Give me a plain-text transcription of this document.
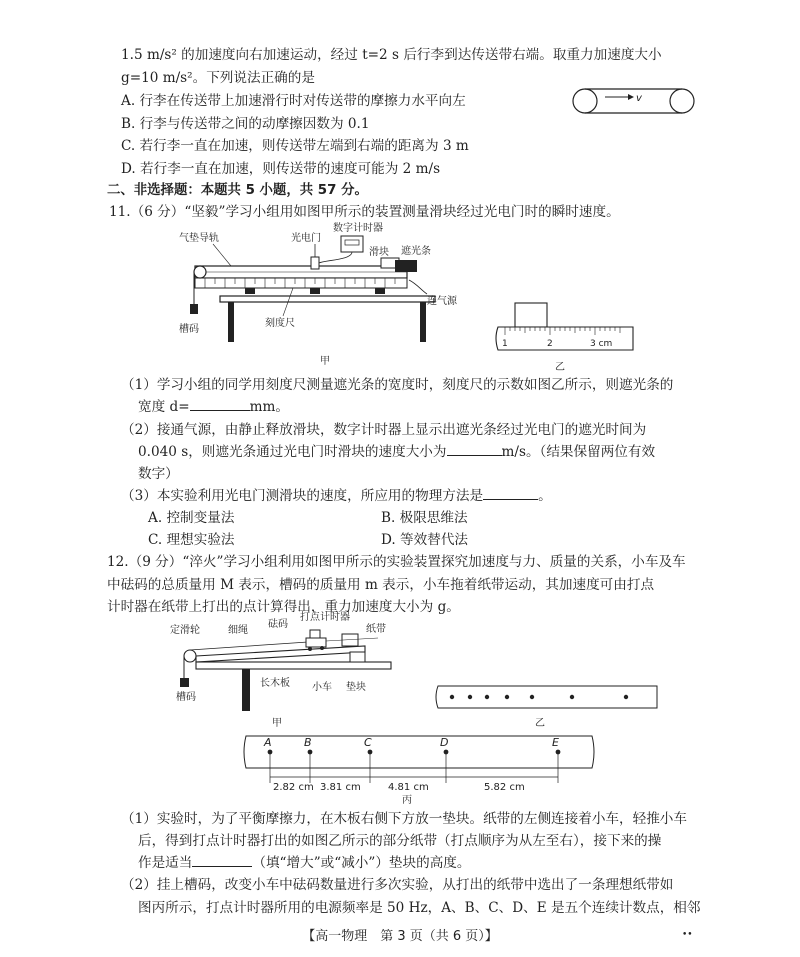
1.5 m/s² 的加速度向右加速运动，经过 t=2 s 后行李到达传送带右端。取重力加速度大小
g=10 m/s²。下列说法正确的是
A. 行李在传送带上加速滑行时对传送带的摩擦力水平向左
B. 行李与传送带之间的动摩擦因数为 0.1
C. 若行李一直在加速，则传送带左端到右端的距离为 3 m
D. 若行李一直在加速，则传送带的速度可能为 2 m/s
v
二、非选择题：本题共 5 小题，共 57 分。
11.（6 分）“坚毅”学习小组用如图甲所示的装置测量滑块经过光电门时的瞬时速度。
气垫导轨	光电门
数字计时器
滑块 遮光条
连气源
槽码
刻度尺
甲
1	2	3 cm
乙
（1）学习小组的同学用刻度尺测量遮光条的宽度时，刻度尺的示数如图乙所示，则遮光条的
宽度 d=	mm。
（2）接通气源，由静止释放滑块，数字计时器上显示出遮光条经过光电门的遮光时间为
0.040 s，则遮光条通过光电门时滑块的速度大小为	m/s。（结果保留两位有效
数字）
（3）本实验利用光电门测滑块的速度，所应用的物理方法是	。
A. 控制变量法	B. 极限思维法
C. 理想实验法	D. 等效替代法
12.（9 分）“淬火”学习小组利用如图甲所示的实验装置探究加速度与力、质量的关系，小车及车
中砝码的总质量用 M 表示，槽码的质量用 m 表示，小车拖着纸带运动，其加速度可由打点
计时器在纸带上打出的点计算得出，重力加速度大小为 g。
定滑轮	细绳
砝码
打点计时器
纸带
长木板 小车 垫块
槽码
甲	乙
A	B	C	D	E
2.82 cm 3.81 cm	4.81 cm	5.82 cm
丙
（1）实验时，为了平衡摩擦力，在木板右侧下方放一垫块。纸带的左侧连接着小车，轻推小车
后，得到打点计时器打出的如图乙所示的部分纸带（打点顺序为从左至右），接下来的操
作是适当	（填“增大”或“减小”）垫块的高度。
（2）挂上槽码，改变小车中砝码数量进行多次实验，从打出的纸带中选出了一条理想纸带如
图丙所示，打点计时器所用的电源频率是 50 Hz，A、B、C、D、E 是五个连续计数点，相邻
【高一物理　第 3 页（共 6 页）】	••
